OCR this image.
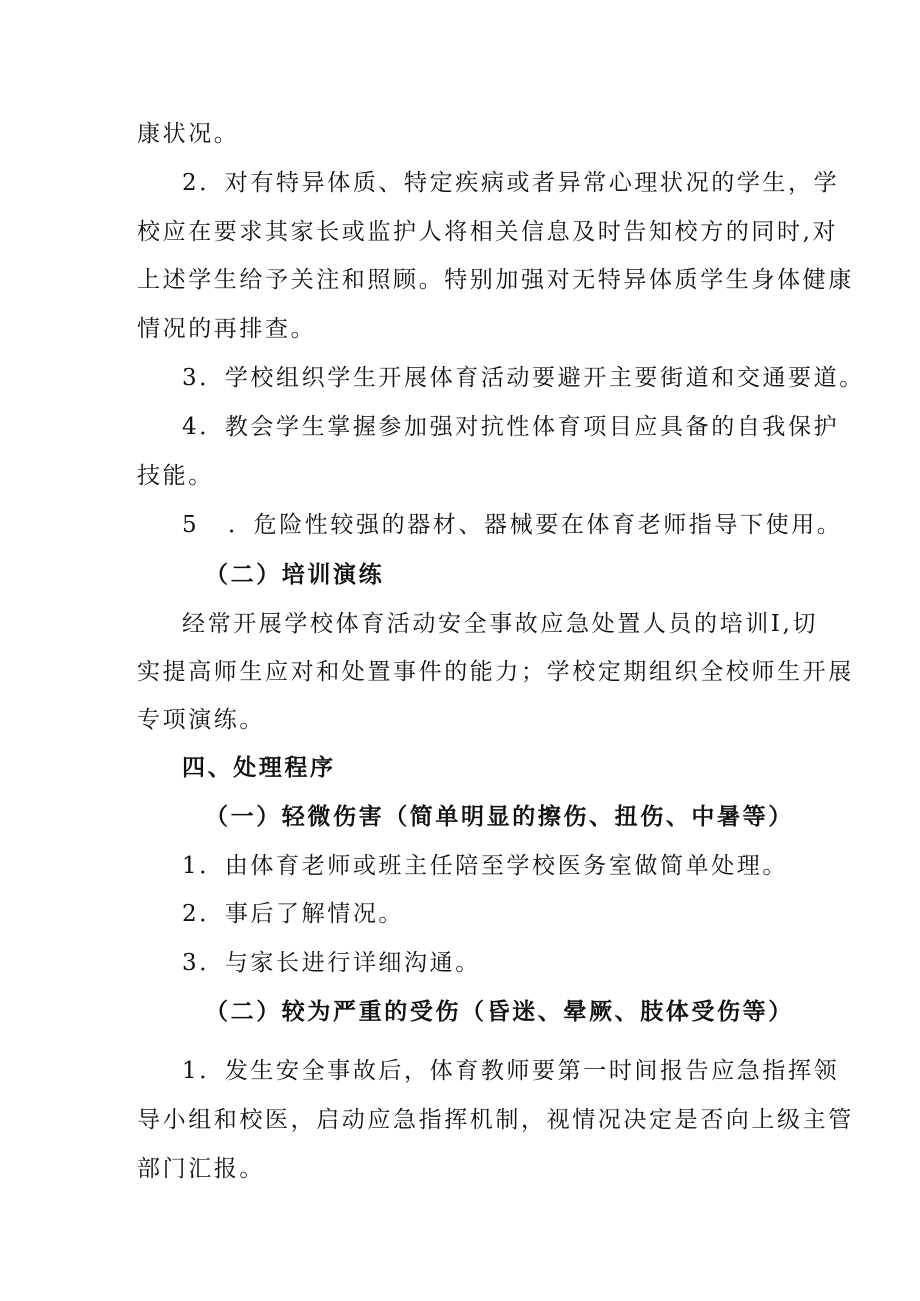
康状况。
2．对有特异体质、特定疾病或者异常心理状况的学生，学
校应在要求其家长或监护人将相关信息及时告知校方的同时,对
上述学生给予关注和照顾。特别加强对无特异体质学生身体健康
情况的再排查。
3．学校组织学生开展体育活动要避开主要街道和交通要道。
4．教会学生掌握参加强对抗性体育项目应具备的自我保护
技能。
5 ．危险性较强的器材、器械要在体育老师指导下使用。
（二）培训演练
经常开展学校体育活动安全事故应急处置人员的培训Ⅰ,切
实提高师生应对和处置事件的能力；学校定期组织全校师生开展
专项演练。
四、处理程序
（一）轻微伤害（简单明显的擦伤、扭伤、中暑等）
1．由体育老师或班主任陪至学校医务室做简单处理。
2．事后了解情况。
3．与家长进行详细沟通。
（二）较为严重的受伤（昏迷、晕厥、肢体受伤等）
1．发生安全事故后，体育教师要第一时间报告应急指挥领
导小组和校医，启动应急指挥机制，视情况决定是否向上级主管
部门汇报。
